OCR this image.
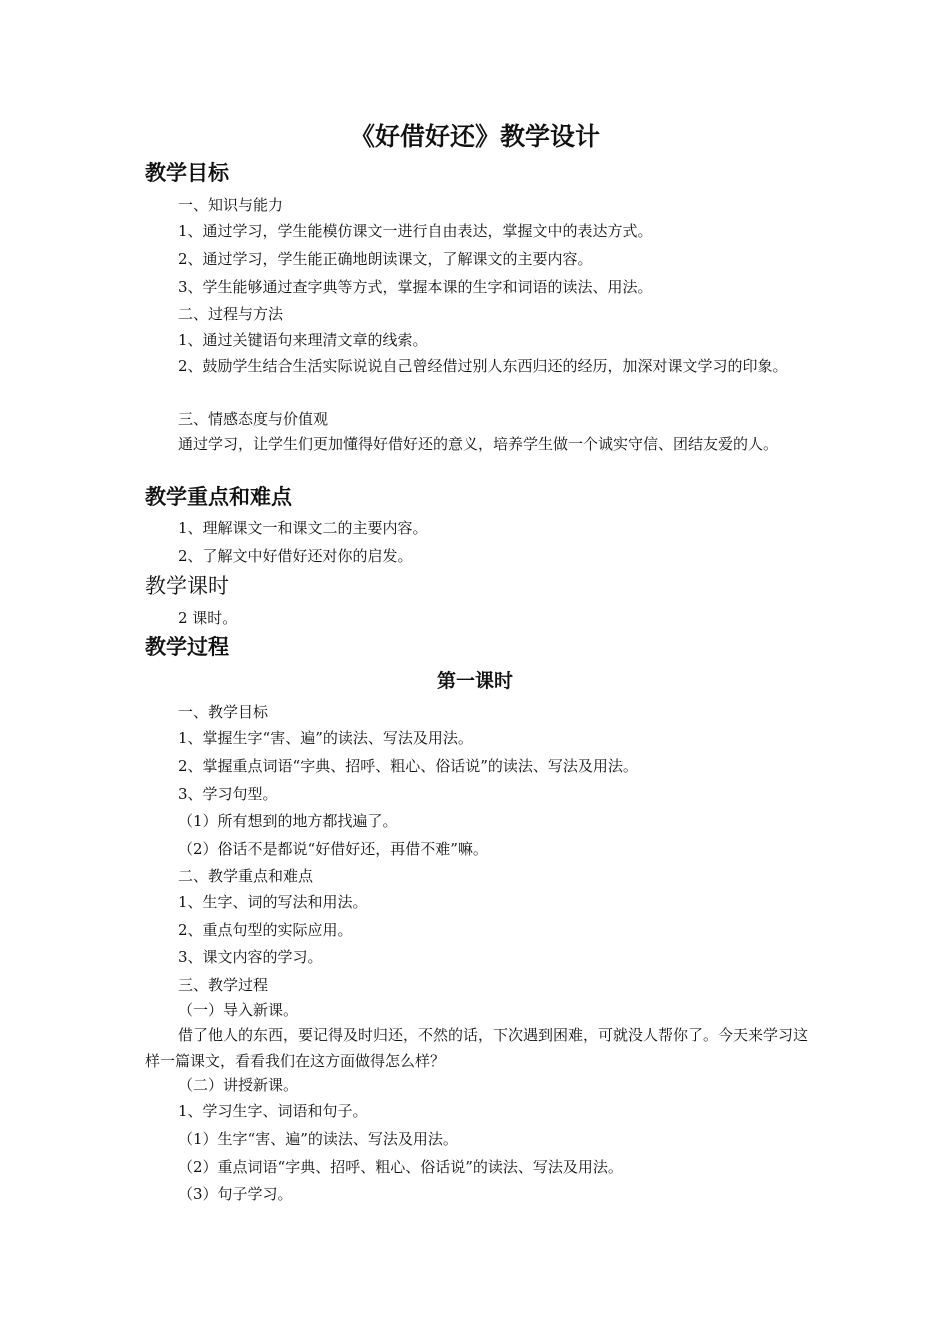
《好借好还》教学设计
教学目标
一、知识与能力
1、通过学习，学生能模仿课文一进行自由表达，掌握文中的表达方式。
2、通过学习，学生能正确地朗读课文，了解课文的主要内容。
3、学生能够通过查字典等方式，掌握本课的生字和词语的读法、用法。
二、过程与方法
1、通过关键语句来理清文章的线索。
2、鼓励学生结合生活实际说说自己曾经借过别人东西归还的经历，加深对课文学习的印象。
三、情感态度与价值观
通过学习，让学生们更加懂得好借好还的意义，培养学生做一个诚实守信、团结友爱的人。
教学重点和难点
1、理解课文一和课文二的主要内容。
2、了解文中好借好还对你的启发。
教学课时
2 课时。
教学过程
第一课时
一、教学目标
1、掌握生字“害、遍”的读法、写法及用法。
2、掌握重点词语“字典、招呼、粗心、俗话说”的读法、写法及用法。
3、学习句型。
（1）所有想到的地方都找遍了。
（2）俗话不是都说“好借好还，再借不难”嘛。
二、教学重点和难点
1、生字、词的写法和用法。
2、重点句型的实际应用。
3、课文内容的学习。
三、教学过程
（一）导入新课。
借了他人的东西，要记得及时归还，不然的话，下次遇到困难，可就没人帮你了。今天来学习这样一篇课文，看看我们在这方面做得怎么样？
（二）讲授新课。
1、学习生字、词语和句子。
（1）生字“害、遍”的读法、写法及用法。
（2）重点词语“字典、招呼、粗心、俗话说”的读法、写法及用法。
（3）句子学习。
